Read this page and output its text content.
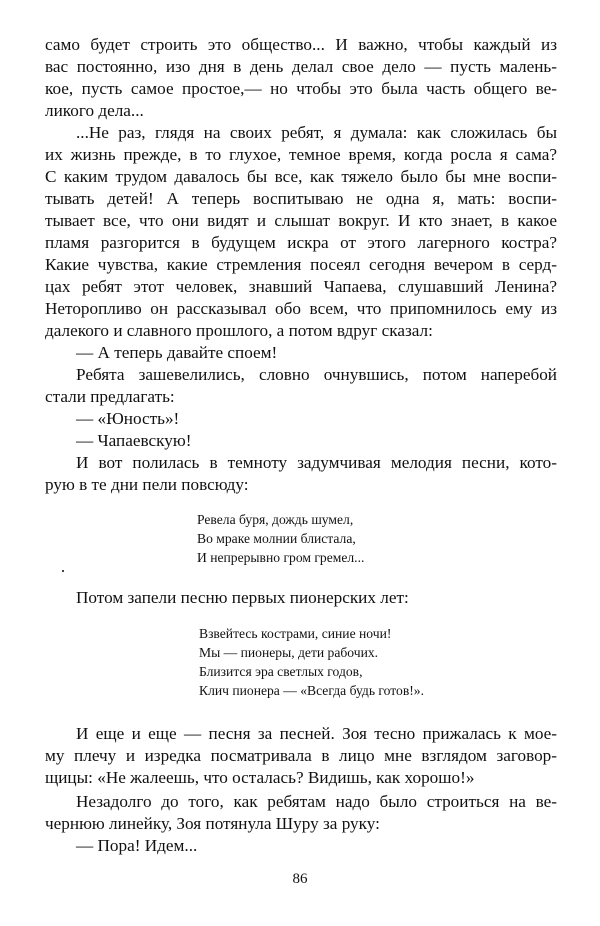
само будет строить это общество... И важно, чтобы каждый из
вас постоянно, изо дня в день делал свое дело — пусть малень-
кое, пусть самое простое,— но чтобы это была часть общего ве-
ликого дела...
...Не раз, глядя на своих ребят, я думала: как сложилась бы
их жизнь прежде, в то глухое, темное время, когда росла я сама?
С каким трудом давалось бы все, как тяжело было бы мне воспи-
тывать детей! А теперь воспитываю не одна я, мать: воспи-
тывает все, что они видят и слышат вокруг. И кто знает, в какое
пламя разгорится в будущем искра от этого лагерного костра?
Какие чувства, какие стремления посеял сегодня вечером в серд-
цах ребят этот человек, знавший Чапаева, слушавший Ленина?
Неторопливо он рассказывал обо всем, что припомнилось ему из
далекого и славного прошлого, а потом вдруг сказал:
— А теперь давайте споем!
Ребята зашевелились, словно очнувшись, потом наперебой
стали предлагать:
— «Юность»!
— Чапаевскую!
И вот полилась в темноту задумчивая мелодия песни, кото-
рую в те дни пели повсюду:
Ревела буря, дождь шумел,
Во мраке молнии блистала,
И непрерывно гром гремел...
Потом запели песню первых пионерских лет:
Взвейтесь кострами, синие ночи!
Мы — пионеры, дети рабочих.
Близится эра светлых годов,
Клич пионера — «Всегда будь готов!».
И еще и еще — песня за песней. Зоя тесно прижалась к мое-
му плечу и изредка посматривала в лицо мне взглядом заговор-
щицы: «Не жалеешь, что осталась? Видишь, как хорошо!»
Незадолго до того, как ребятам надо было строиться на ве-
чернюю линейку, Зоя потянула Шуру за руку:
— Пора! Идем...
86
